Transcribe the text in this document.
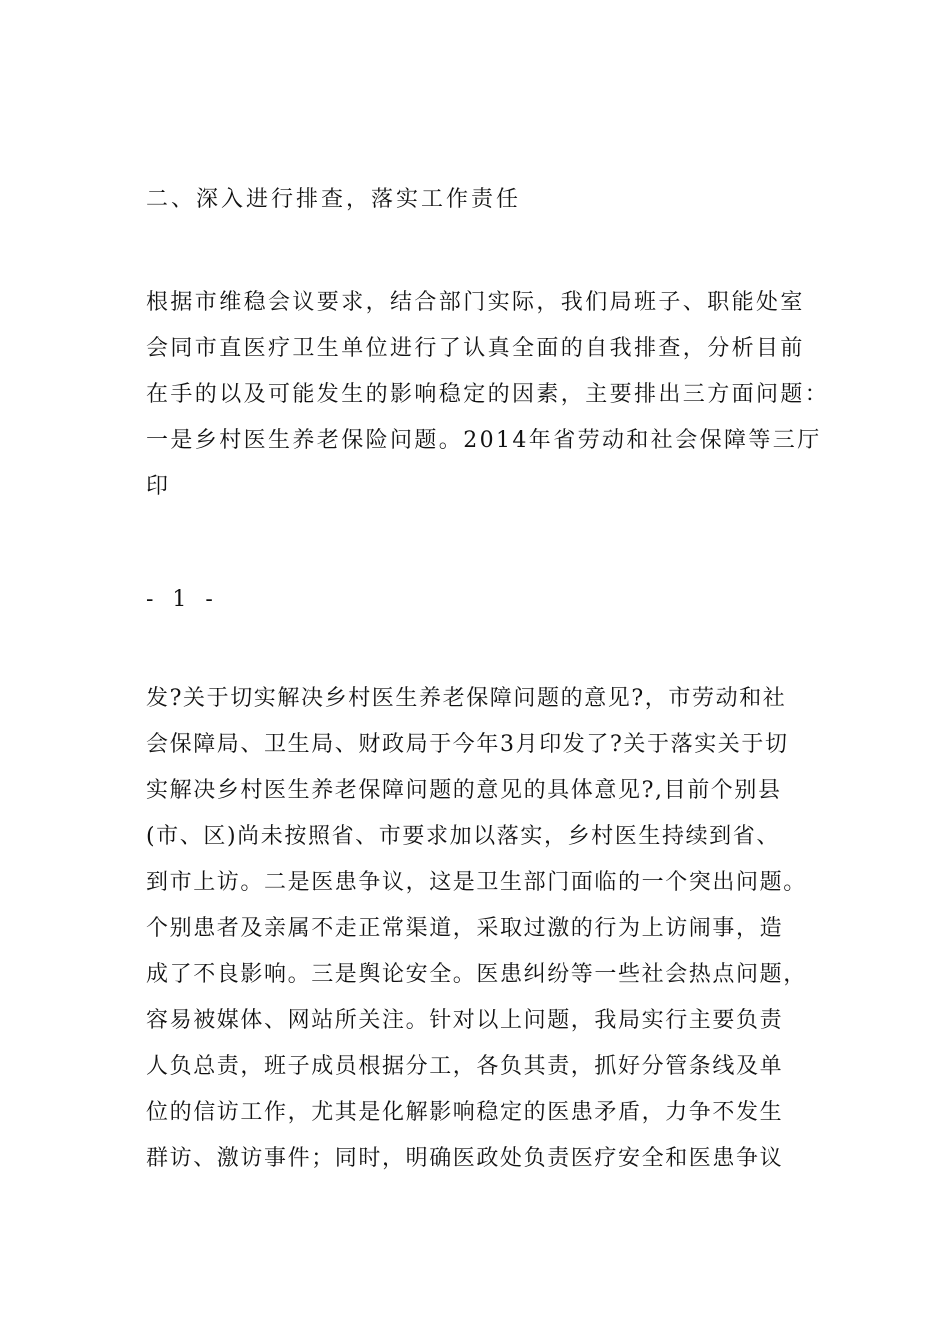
二、深入进行排查，落实工作责任
根据市维稳会议要求，结合部门实际，我们局班子、职能处室
会同市直医疗卫生单位进行了认真全面的自我排查，分析目前
在手的以及可能发生的影响稳定的因素，主要排出三方面问题：
一是乡村医生养老保险问题。2014年省劳动和社会保障等三厅
印
- 1 -
发?关于切实解决乡村医生养老保障问题的意见?，市劳动和社
会保障局、卫生局、财政局于今年3月印发了?关于落实关于切
实解决乡村医生养老保障问题的意见的具体意见?,目前个别县
(市、区)尚未按照省、市要求加以落实，乡村医生持续到省、
到市上访。二是医患争议，这是卫生部门面临的一个突出问题。
个别患者及亲属不走正常渠道，采取过激的行为上访闹事，造
成了不良影响。三是舆论安全。医患纠纷等一些社会热点问题，
容易被媒体、网站所关注。针对以上问题，我局实行主要负责
人负总责，班子成员根据分工，各负其责，抓好分管条线及单
位的信访工作，尤其是化解影响稳定的医患矛盾，力争不发生
群访、激访事件；同时，明确医政处负责医疗安全和医患争议
